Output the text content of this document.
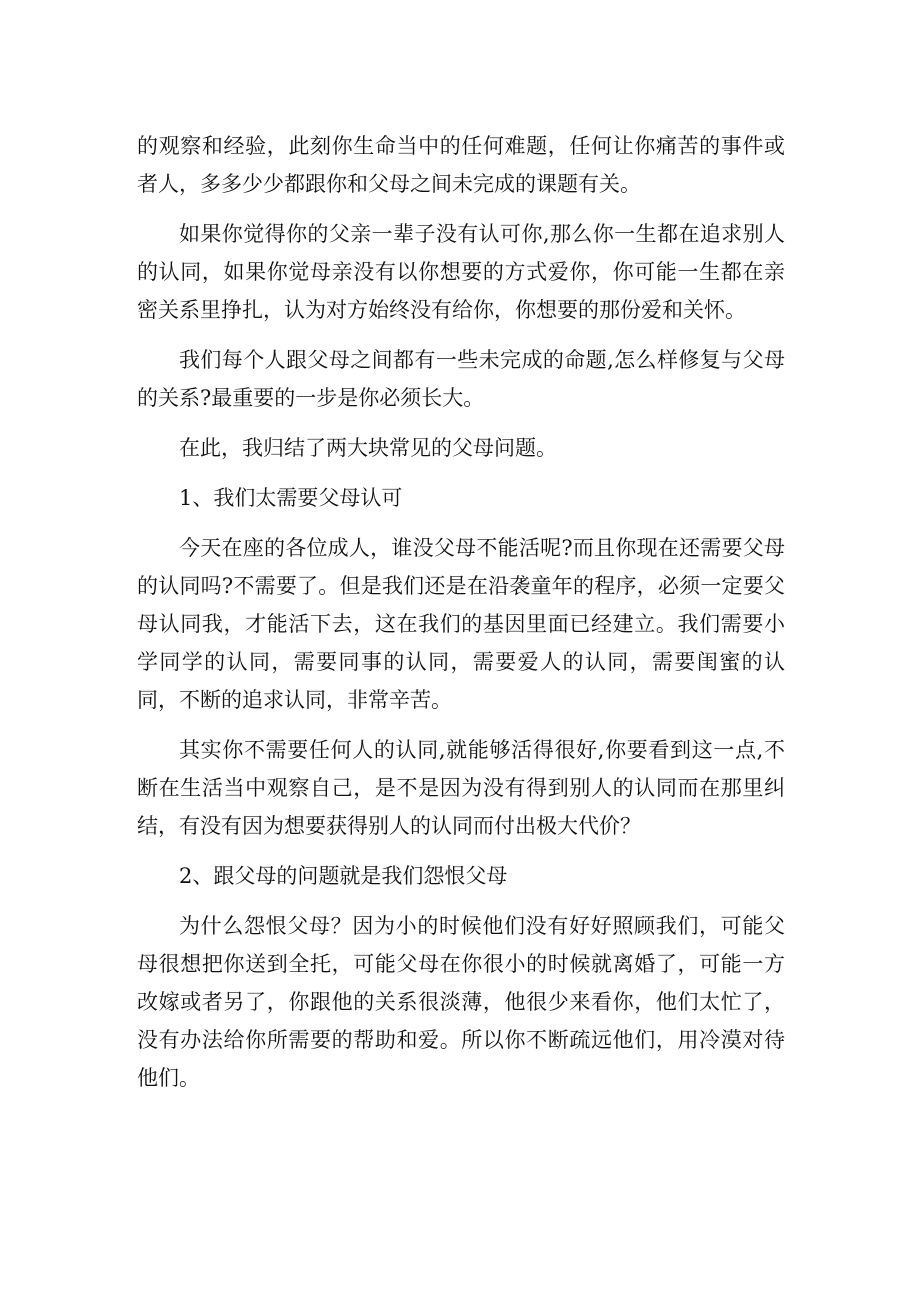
的观察和经验，此刻你生命当中的任何难题，任何让你痛苦的事件或者人，多多少少都跟你和父母之间未完成的课题有关。

如果你觉得你的父亲一辈子没有认可你,那么你一生都在追求别人的认同，如果你觉母亲没有以你想要的方式爱你，你可能一生都在亲密关系里挣扎，认为对方始终没有给你，你想要的那份爱和关怀。

我们每个人跟父母之间都有一些未完成的命题,怎么样修复与父母的关系?最重要的一步是你必须长大。

在此，我归结了两大块常见的父母问题。

1、我们太需要父母认可

今天在座的各位成人，谁没父母不能活呢?而且你现在还需要父母的认同吗?不需要了。但是我们还是在沿袭童年的程序，必须一定要父母认同我，才能活下去，这在我们的基因里面已经建立。我们需要小学同学的认同，需要同事的认同，需要爱人的认同，需要闺蜜的认同，不断的追求认同，非常辛苦。

其实你不需要任何人的认同,就能够活得很好,你要看到这一点,不断在生活当中观察自己，是不是因为没有得到别人的认同而在那里纠结，有没有因为想要获得别人的认同而付出极大代价？

2、跟父母的问题就是我们怨恨父母

为什么怨恨父母？因为小的时候他们没有好好照顾我们，可能父母很想把你送到全托，可能父母在你很小的时候就离婚了，可能一方改嫁或者另了，你跟他的关系很淡薄，他很少来看你，他们太忙了，没有办法给你所需要的帮助和爱。所以你不断疏远他们，用冷漠对待他们。
